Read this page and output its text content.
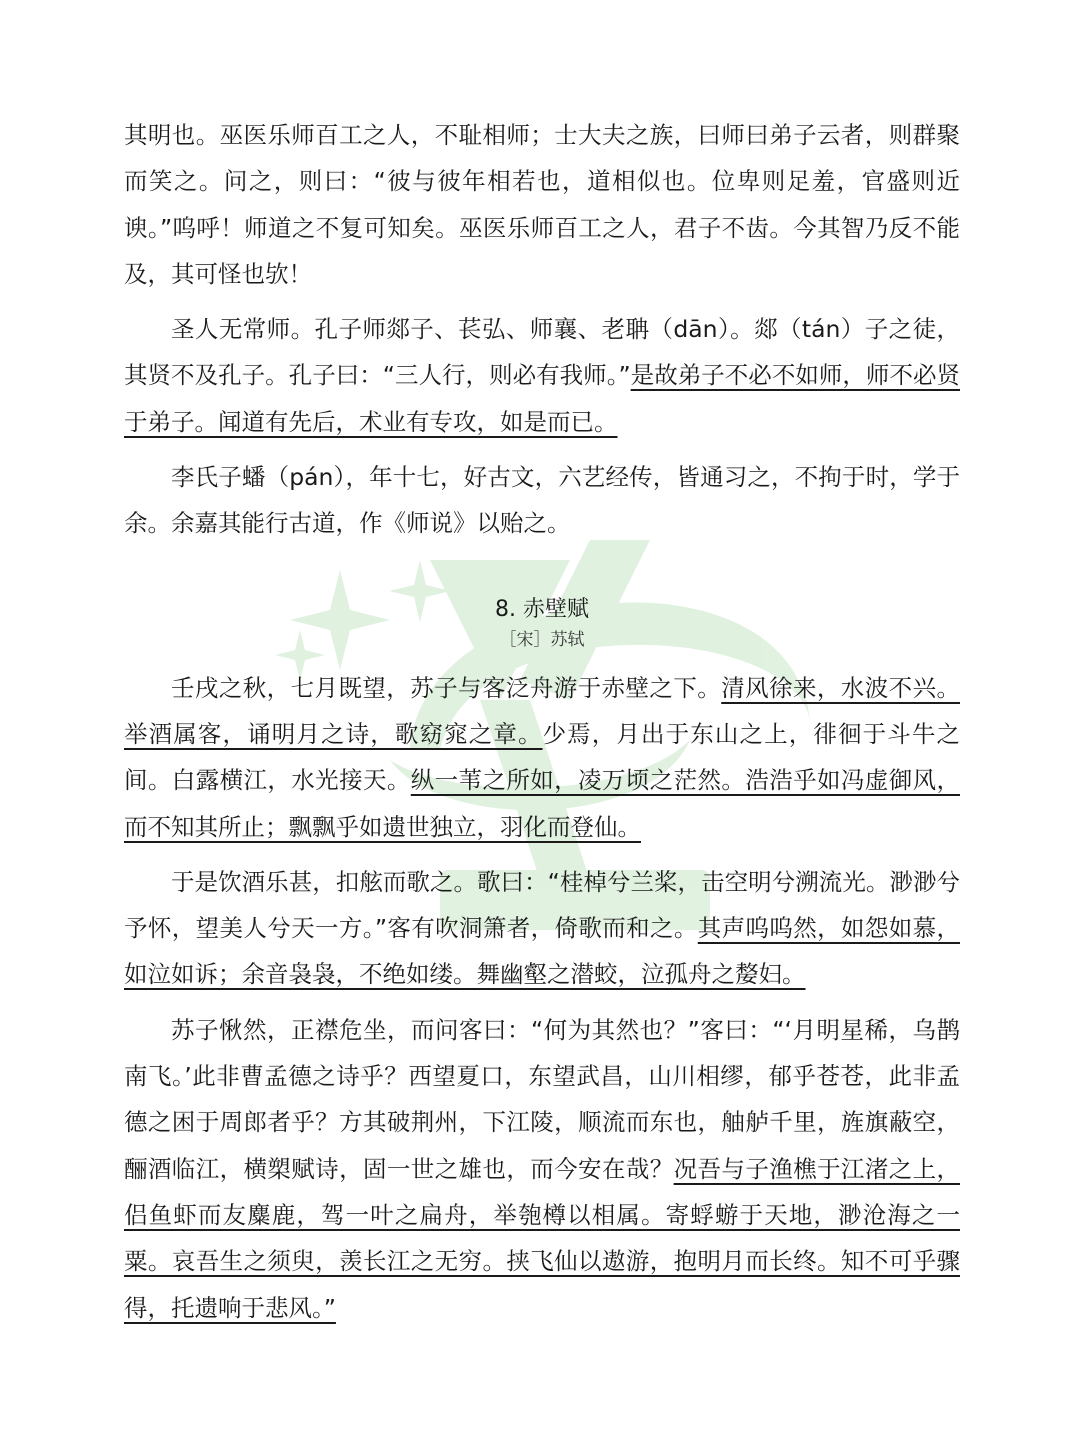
其明也。巫医乐师百工之人，不耻相师；士大夫之族，曰师曰弟子云者，则群聚而笑之。问之，则曰：“彼与彼年相若也，道相似也。位卑则足羞，官盛则近谀。”呜呼！师道之不复可知矣。巫医乐师百工之人，君子不齿。今其智乃反不能及，其可怪也欤！

圣人无常师。孔子师郯子、苌弘、师襄、老聃（dān）。郯（tán）子之徒，其贤不及孔子。孔子曰：“三人行，则必有我师。”是故弟子不必不如师，师不必贤于弟子。闻道有先后，术业有专攻，如是而已。

李氏子蟠（pán），年十七，好古文，六艺经传，皆通习之，不拘于时，学于余。余嘉其能行古道，作《师说》以贻之。

8. 赤壁赋
［宋］苏轼

壬戌之秋，七月既望，苏子与客泛舟游于赤壁之下。清风徐来，水波不兴。举酒属客，诵明月之诗，歌窈窕之章。少焉，月出于东山之上，徘徊于斗牛之间。白露横江，水光接天。纵一苇之所如，凌万顷之茫然。浩浩乎如冯虚御风，而不知其所止；飘飘乎如遗世独立，羽化而登仙。

于是饮酒乐甚，扣舷而歌之。歌曰：“桂棹兮兰桨，击空明兮溯流光。渺渺兮予怀，望美人兮天一方。”客有吹洞箫者，倚歌而和之。其声呜呜然，如怨如慕，如泣如诉；余音袅袅，不绝如缕。舞幽壑之潜蛟，泣孤舟之嫠妇。

苏子愀然，正襟危坐，而问客曰：“何为其然也？”客曰：“‘月明星稀，乌鹊南飞。’此非曹孟德之诗乎？西望夏口，东望武昌，山川相缪，郁乎苍苍，此非孟德之困于周郎者乎？方其破荆州，下江陵，顺流而东也，舳舻千里，旌旗蔽空，酾酒临江，横槊赋诗，固一世之雄也，而今安在哉？况吾与子渔樵于江渚之上，侣鱼虾而友麋鹿，驾一叶之扁舟，举匏樽以相属。寄蜉蝣于天地，渺沧海之一粟。哀吾生之须臾，羡长江之无穷。挟飞仙以遨游，抱明月而长终。知不可乎骤得，托遗响于悲风。”
